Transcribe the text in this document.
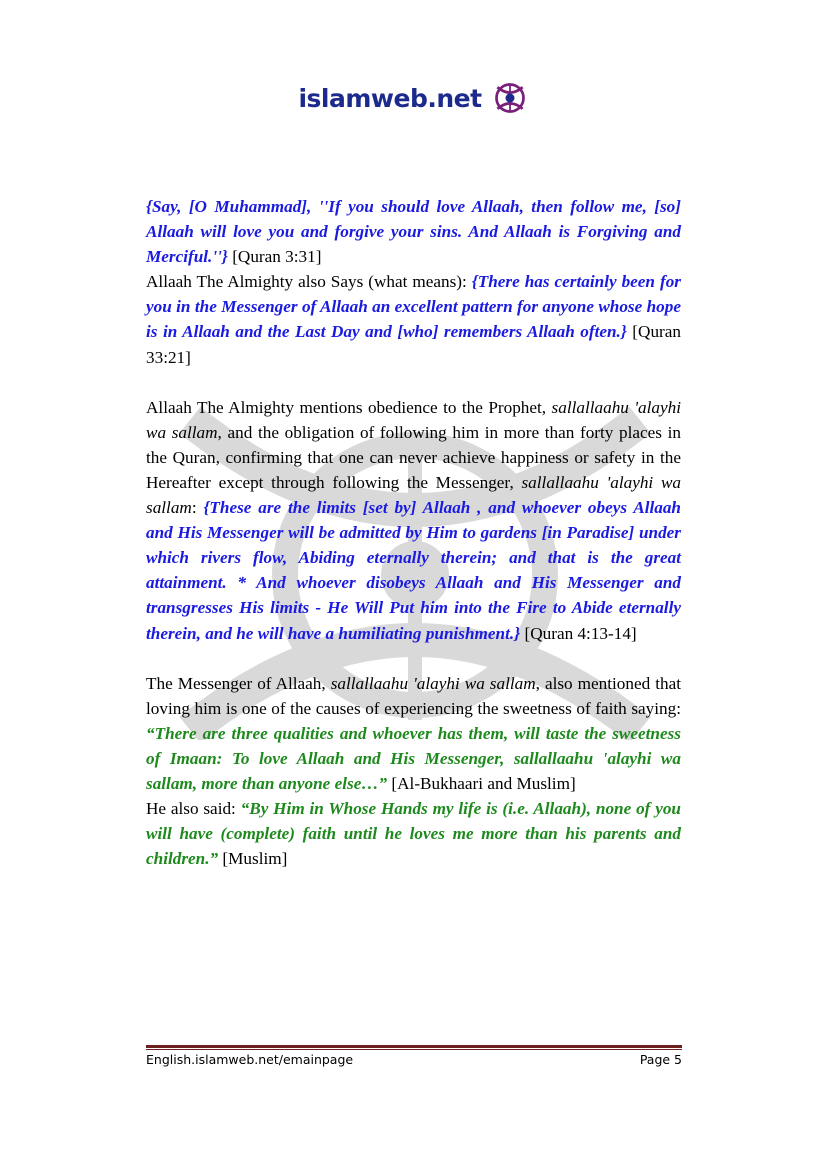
islamweb.net

{Say, [O Muhammad], ''If you should love Allaah, then follow me, [so] Allaah will love you and forgive your sins. And Allaah is Forgiving and Merciful.''} [Quran 3:31]

Allaah The Almighty also Says (what means): {There has certainly been for you in the Messenger of Allaah an excellent pattern for anyone whose hope is in Allaah and the Last Day and [who] remembers Allaah often.} [Quran 33:21]

Allaah The Almighty mentions obedience to the Prophet, sallallaahu 'alayhi wa sallam, and the obligation of following him in more than forty places in the Quran, confirming that one can never achieve happiness or safety in the Hereafter except through following the Messenger, sallallaahu 'alayhi wa sallam: {These are the limits [set by] Allaah , and whoever obeys Allaah and His Messenger will be admitted by Him to gardens [in Paradise] under which rivers flow, Abiding eternally therein; and that is the great attainment. * And whoever disobeys Allaah and His Messenger and transgresses His limits - He Will Put him into the Fire to Abide eternally therein, and he will have a humiliating punishment.} [Quran 4:13-14]

The Messenger of Allaah, sallallaahu 'alayhi wa sallam, also mentioned that loving him is one of the causes of experiencing the sweetness of faith saying: “There are three qualities and whoever has them, will taste the sweetness of Imaan: To love Allaah and His Messenger, sallallaahu 'alayhi wa sallam, more than anyone else…” [Al-Bukhaari and Muslim]

He also said: “By Him in Whose Hands my life is (i.e. Allaah), none of you will have (complete) faith until he loves me more than his parents and children.” [Muslim]

English.islamweb.net/emainpage	Page 5
